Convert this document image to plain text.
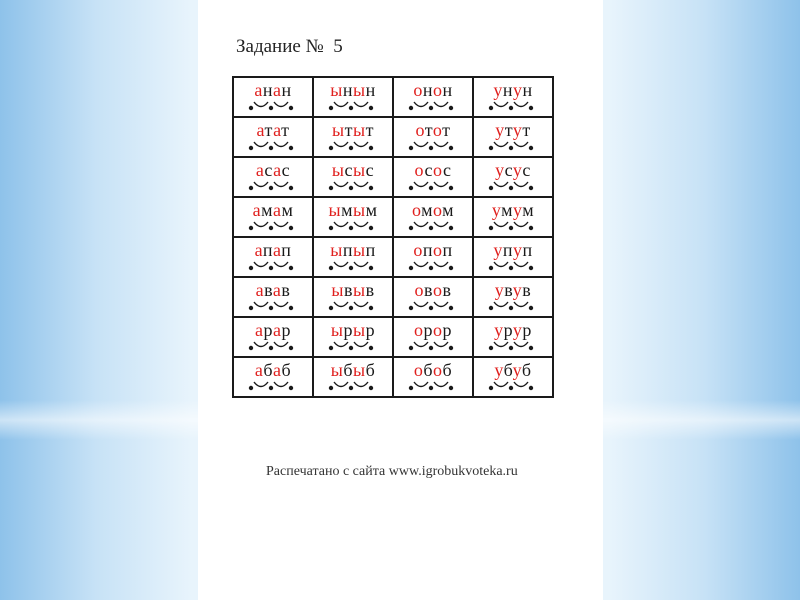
Задание №  5
анан	ынын	онон	унун

атат	ытыт	отот	утут

асас	ысыс	осос	усус

амам	ымым	омом	умум

апап	ыпып	опоп	упуп

авав	ывыв	овов	увув

арар	ырыр	орор	урур

абаб	ыбыб	обоб	убуб
Распечатано с сайта www.igrobukvoteka.ru
